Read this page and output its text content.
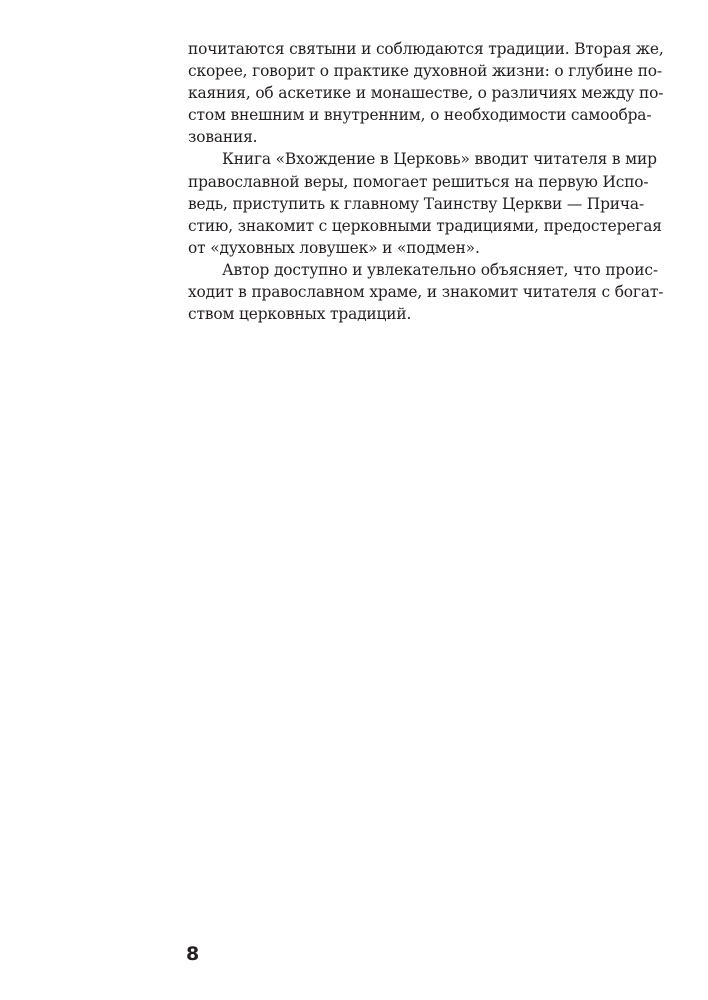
почитаются святыни и соблюдаются традиции. Вторая же,
скорее, говорит о практике духовной жизни: о глубине по-
каяния, об аскетике и монашестве, о различиях между по-
стом внешним и внутренним, о необходимости самообра-
зования.
Книга «Вхождение в Церковь» вводит читателя в мир
православной веры, помогает решиться на первую Испо-
ведь, приступить к главному Таинству Церкви — Прича-
стию, знакомит с церковными традициями, предостерегая
от «духовных ловушек» и «подмен».
Автор доступно и увлекательно объясняет, что проис-
ходит в православном храме, и знакомит читателя с богат-
ством церковных традиций.
8
